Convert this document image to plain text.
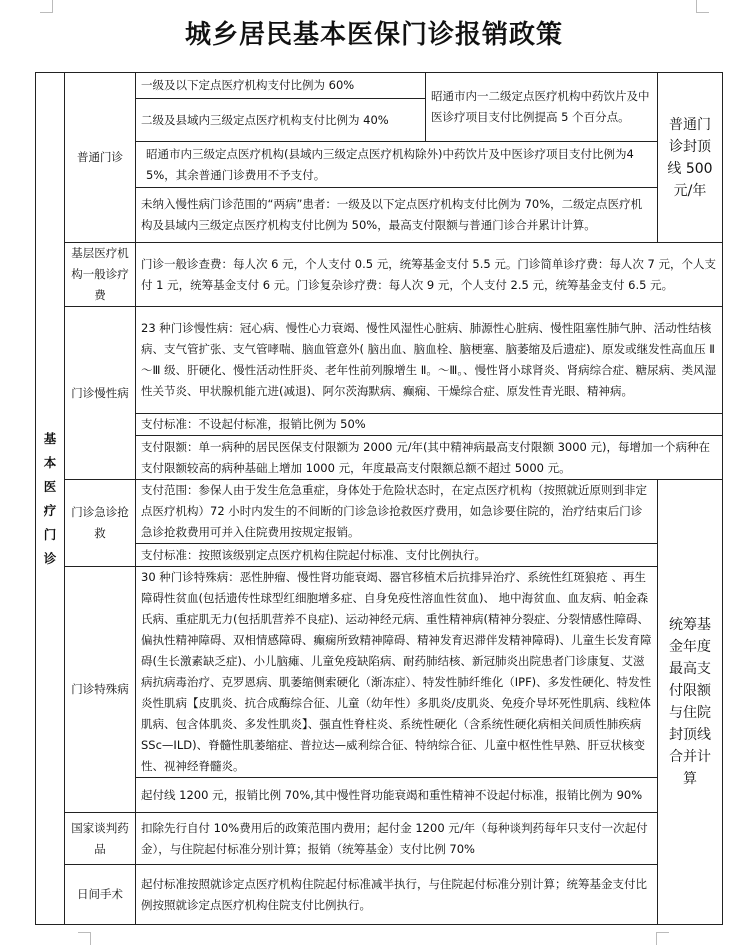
城乡居民基本医保门诊报销政策
基本医疗门诊	普通门诊	一级及以下定点医疗机构支付比例为 60%	昭通市内一二级定点医疗机构中药饮片及中医诊疗项目支付比例提高 5 个百分点。	普通门诊封顶线 500 元/年
		二级及县域内三级定点医疗机构支付比例为 40%		
		昭通市内三级定点医疗机构(县域内三级定点医疗机构除外)中药饮片及中医诊疗项目支付比例为45%，其余普通门诊费用不予支付。		
		未纳入慢性病门诊范围的“两病”患者：一级及以下定点医疗机构支付比例为 70%，二级定点医疗机构及县域内三级定点医疗机构支付比例为 50%，最高支付限额与普通门诊合并累计计算。		
	基层医疗机构一般诊疗费	门诊一般诊查费：每人次 6 元，个人支付 0.5 元，统筹基金支付 5.5 元。门诊简单诊疗费：每人次 7 元，个人支付 1 元，统筹基金支付 6 元。门诊复杂诊疗费：每人次 9 元，个人支付 2.5 元，统筹基金支付 6.5 元。		
	门诊慢性病	23 种门诊慢性病：冠心病、慢性心力衰竭、慢性风湿性心脏病、肺源性心脏病、慢性阻塞性肺气肿、活动性结核病、支气管扩张、支气管哮喘、脑血管意外( 脑出血、脑血栓、脑梗塞、脑萎缩及后遗症)、原发或继发性高血压 Ⅱ ～Ⅲ 级、肝硬化、慢性活动性肝炎、老年性前列腺增生 Ⅱ。～Ⅲ。、慢性肾小球肾炎、肾病综合症、糖尿病、类风湿性关节炎、甲状腺机能亢进(减退)、阿尔茨海默病、癫痫、干燥综合症、原发性青光眼、精神病。		
		支付标准：不设起付标准，报销比例为 50%		
		支付限额：单一病种的居民医保支付限额为 2000 元/年(其中精神病最高支付限额 3000 元)，每增加一个病种在支付限额较高的病种基础上增加 1000 元，年度最高支付限额总额不超过 5000 元。		
	门诊急诊抢救	支付范围：参保人由于发生危急重症，身体处于危险状态时，在定点医疗机构（按照就近原则到非定点医疗机构）72 小时内发生的不间断的门诊急诊抢救医疗费用，如急诊要住院的，治疗结束后门诊急诊抢救费用可并入住院费用按规定报销。		统筹基金年度最高支付限额与住院封顶线合并计算
		支付标准：按照该级别定点医疗机构住院起付标准、支付比例执行。		
	门诊特殊病	30 种门诊特殊病：恶性肿瘤、慢性肾功能衰竭、器官移植术后抗排异治疗、系统性红斑狼疮 、再生障碍性贫血(包括遗传性球型红细胞增多症、自身免疫性溶血性贫血)、 地中海贫血、血友病、帕金森氏病、重症肌无力(包括肌营养不良症)、运动神经元病、重性精神病(精神分裂症、分裂情感性障碍、偏执性精神障碍、双相情感障碍、癫痫所致精神障碍、精神发育迟滞伴发精神障碍)、儿童生长发育障碍(生长激素缺乏症)、小儿脑瘫、儿童免疫缺陷病、耐药肺结核、新冠肺炎出院患者门诊康复、艾滋病抗病毒治疗、克罗恩病、肌萎缩侧索硬化（渐冻症）、特发性肺纤维化（IPF)、多发性硬化、特发性炎性肌病【皮肌炎、抗合成酶综合征、儿童（幼年性）多肌炎/皮肌炎、免疫介导坏死性肌病、线粒体肌病、包含体肌炎、多发性肌炎】、强直性脊柱炎、系统性硬化（含系统性硬化病相关间质性肺疾病 SSc—ILD)、脊髓性肌萎缩症、普拉达—威利综合征、特纳综合征、儿童中枢性性早熟、肝豆状核变性、视神经脊髓炎。		
		起付线 1200 元，报销比例 70%,其中慢性肾功能衰竭和重性精神不设起付标准，报销比例为 90%		
	国家谈判药品	扣除先行自付 10%费用后的政策范围内费用；起付金 1200 元/年（每种谈判药每年只支付一次起付金），与住院起付标准分别计算；报销（统筹基金）支付比例 70%		
	日间手术	起付标准按照就诊定点医疗机构住院起付标准减半执行，与住院起付标准分别计算；统筹基金支付比例按照就诊定点医疗机构住院支付比例执行。		
